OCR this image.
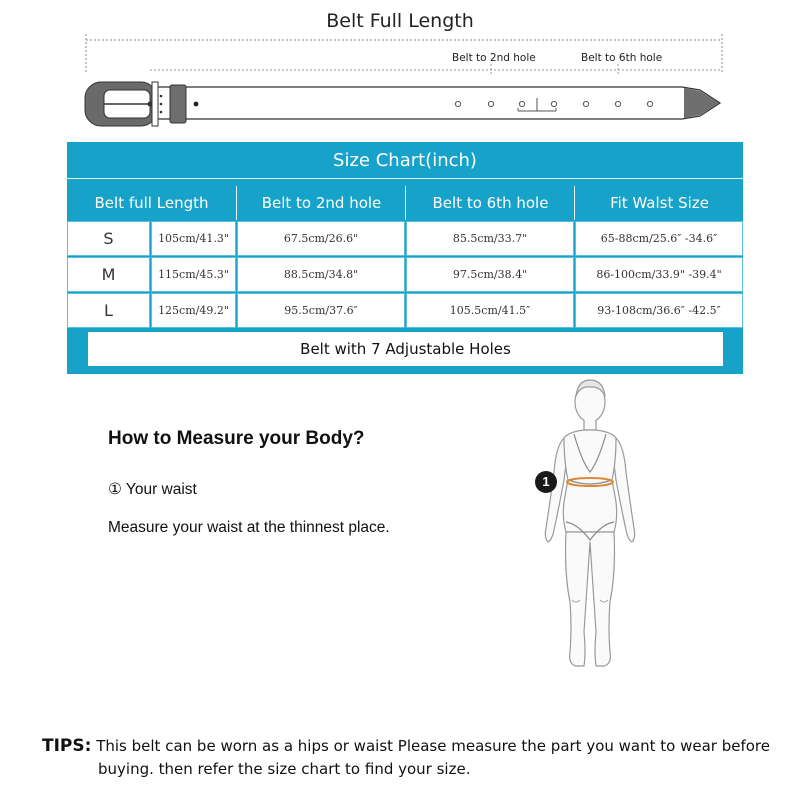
Belt Full Length
Belt to 2nd hole	Belt to 6th hole
Size Chart(inch)
Belt full Length	Belt to 2nd hole	Belt to 6th hole	Fit Walst Size
S	105cm/41.3"	67.5cm/26.6"	85.5cm/33.7"	65-88cm/25.6″ -34.6″
M	115cm/45.3"	88.5cm/34.8"	97.5cm/38.4"	86-100cm/33.9" -39.4"
L	125cm/49.2"	95.5cm/37.6″	105.5cm/41.5″	93-108cm/36.6″ -42.5″
Belt with 7 Adjustable Holes
How to Measure your Body?
① Your waist
Measure your waist at the thinnest place.
1
TIPS: This belt can be worn as a hips or waist Please measure the part you want to wear before
buying. then refer the size chart to find your size.
